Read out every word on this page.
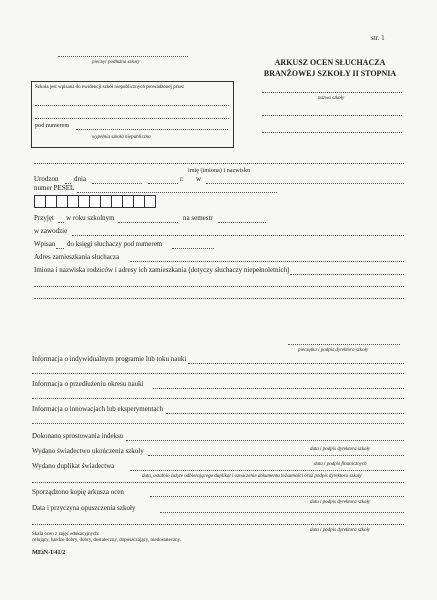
str. 1
pieczęć podłużna szkoły	ARKUSZ OCEN SŁUCHACZA
BRANŻOWEJ SZKOŁY II STOPNIA
nazwa szkoły
Szkoła jest wpisana do ewidencji szkół niepublicznych prowadzonej przez
pod numerem
wypełnia szkoła niepubliczna
imię (imiona) i nazwisko
Urodzon dnia	r. w
numer PESEL
Przyjęt w roku szkolnym	na semestr
w zawodzie
Wpisan do księgi słuchaczy pod numerem
Adres zamieszkania słuchacza
Imiona i nazwiska rodziców i adresy ich zamieszkania (dotyczy słuchaczy niepełnoletnich)
pieczątka i podpis dyrektora szkoły
Informacja o indywidualnym programie lub toku nauki
Informacja o przedłużeniu okresu nauki
Informacja o innowacjach lub eksperymentach
Dokonano sprostowania indeksu
Wydano świadectwo ukończenia szkoły	data i podpis dyrektora szkoły
Wydano duplikat świadectwa	data i podpis finanicznych
data, ostatnio zużyte odbierającego duplikat i oznaczenie dokumentu tożsamości oraz podpis dyrektora szkoły
Sporządzono kopię arkusza ocen
data i podpis dyrektora szkoły
Data i przyczyna opuszczenia szkoły
data i podpis dyrektora szkoły
Skala ocen z zajęć edukacyjnych:
celujący, bardzo dobry, dobry, dostateczny, dopuszczający, niedostateczny.
MEiN-I/41/2
